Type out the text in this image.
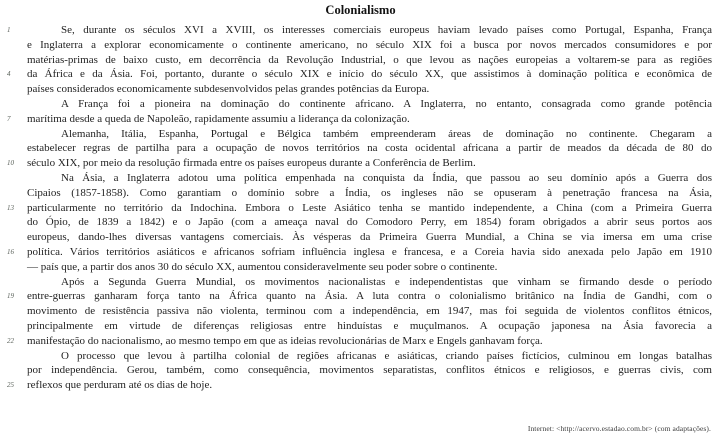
Colonialismo
1	Se, durante os séculos XVI a XVIII, os interesses comerciais europeus haviam levado países como Portugal, Espanha, França
e Inglaterra a explorar economicamente o continente americano, no século XIX foi a busca por novos mercados consumidores e por
matérias-primas de baixo custo, em decorrência da Revolução Industrial, o que levou as nações europeias a voltarem-se para as regiões
4	da África e da Ásia. Foi, portanto, durante o século XIX e início do século XX, que assistimos à dominação política e econômica de
países considerados economicamente subdesenvolvidos pelas grandes potências da Europa.
A França foi a pioneira na dominação do continente africano. A Inglaterra, no entanto, consagrada como grande potência
7	marítima desde a queda de Napoleão, rapidamente assumiu a liderança da colonização.
Alemanha, Itália, Espanha, Portugal e Bélgica também empreenderam áreas de dominação no continente. Chegaram a
estabelecer regras de partilha para a ocupação de novos territórios na costa ocidental africana a partir de meados da década de 80 do
10	século XIX, por meio da resolução firmada entre os países europeus durante a Conferência de Berlim.
Na Ásia, a Inglaterra adotou uma política empenhada na conquista da Índia, que passou ao seu domínio após a Guerra dos
Cipaios (1857-1858). Como garantiam o domínio sobre a Índia, os ingleses não se opuseram à penetração francesa na Ásia,
13	particularmente no território da Indochina. Embora o Leste Asiático tenha se mantido independente, a China (com a Primeira Guerra
do Ópio, de 1839 a 1842) e o Japão (com a ameaça naval do Comodoro Perry, em 1854) foram obrigados a abrir seus portos aos
europeus, dando-lhes diversas vantagens comerciais. Às vésperas da Primeira Guerra Mundial, a China se via imersa em uma crise
16	política. Vários territórios asiáticos e africanos sofriam influência inglesa e francesa, e a Coreia havia sido anexada pelo Japão em 1910
— país que, a partir dos anos 30 do século XX, aumentou consideravelmente seu poder sobre o continente.
Após a Segunda Guerra Mundial, os movimentos nacionalistas e independentistas que vinham se firmando desde o período
19	entre-guerras ganharam força tanto na África quanto na Ásia. A luta contra o colonialismo britânico na Índia de Gandhi, com o
movimento de resistência passiva não violenta, terminou com a independência, em 1947, mas foi seguida de violentos conflitos étnicos,
principalmente em virtude de diferenças religiosas entre hinduístas e muçulmanos. A ocupação japonesa na Ásia favorecia a
22	manifestação do nacionalismo, ao mesmo tempo em que as ideias revolucionárias de Marx e Engels ganhavam força.
O processo que levou à partilha colonial de regiões africanas e asiáticas, criando países fictícios, culminou em longas batalhas
por independência. Gerou, também, como consequência, movimentos separatistas, conflitos étnicos e religiosos, e guerras civis, com
25	reflexos que perduram até os dias de hoje.
Internet: <http://acervo.estadao.com.br> (com adaptações).
